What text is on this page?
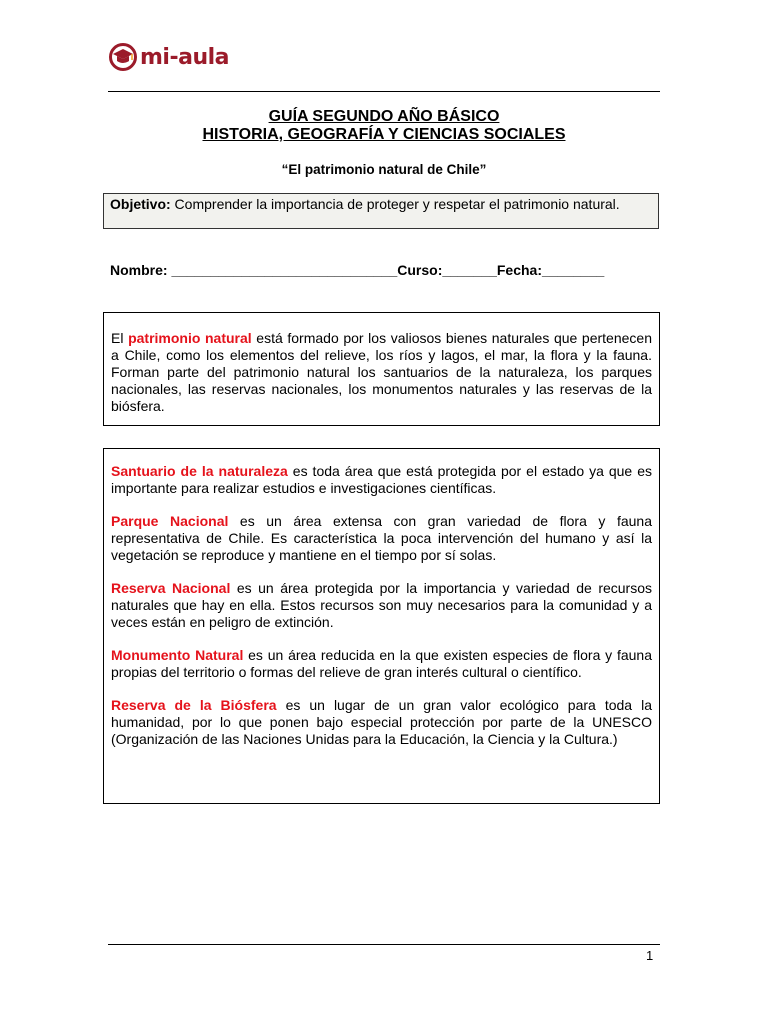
mi-aula
GUÍA SEGUNDO AÑO BÁSICO
HISTORIA, GEOGRAFÍA Y CIENCIAS SOCIALES
“El patrimonio natural de Chile”
Objetivo: Comprender la importancia de proteger y respetar el patrimonio natural.
Nombre: _____________________________Curso:_______Fecha:________
El patrimonio natural está formado por los valiosos bienes naturales que pertenecen a Chile, como los elementos del relieve, los ríos y lagos, el mar, la flora y la fauna. Forman parte del patrimonio natural los santuarios de la naturaleza, los parques nacionales, las reservas nacionales, los monumentos naturales y las reservas de la biósfera.

Santuario de la naturaleza es toda área que está protegida por el estado ya que es importante para realizar estudios e investigaciones científicas.

Parque Nacional es un área extensa con gran variedad de flora y fauna representativa de Chile. Es característica la poca intervención del humano y así la vegetación se reproduce y mantiene en el tiempo por sí solas.

Reserva Nacional es un área protegida por la importancia y variedad de recursos naturales que hay en ella. Estos recursos son muy necesarios para la comunidad y a veces están en peligro de extinción.

Monumento Natural es un área reducida en la que existen especies de flora y fauna propias del territorio o formas del relieve de gran interés cultural o científico.

Reserva de la Biósfera es un lugar de un gran valor ecológico para toda la humanidad, por lo que ponen bajo especial protección por parte de la UNESCO (Organización de las Naciones Unidas para la Educación, la Ciencia y la Cultura.)

1
